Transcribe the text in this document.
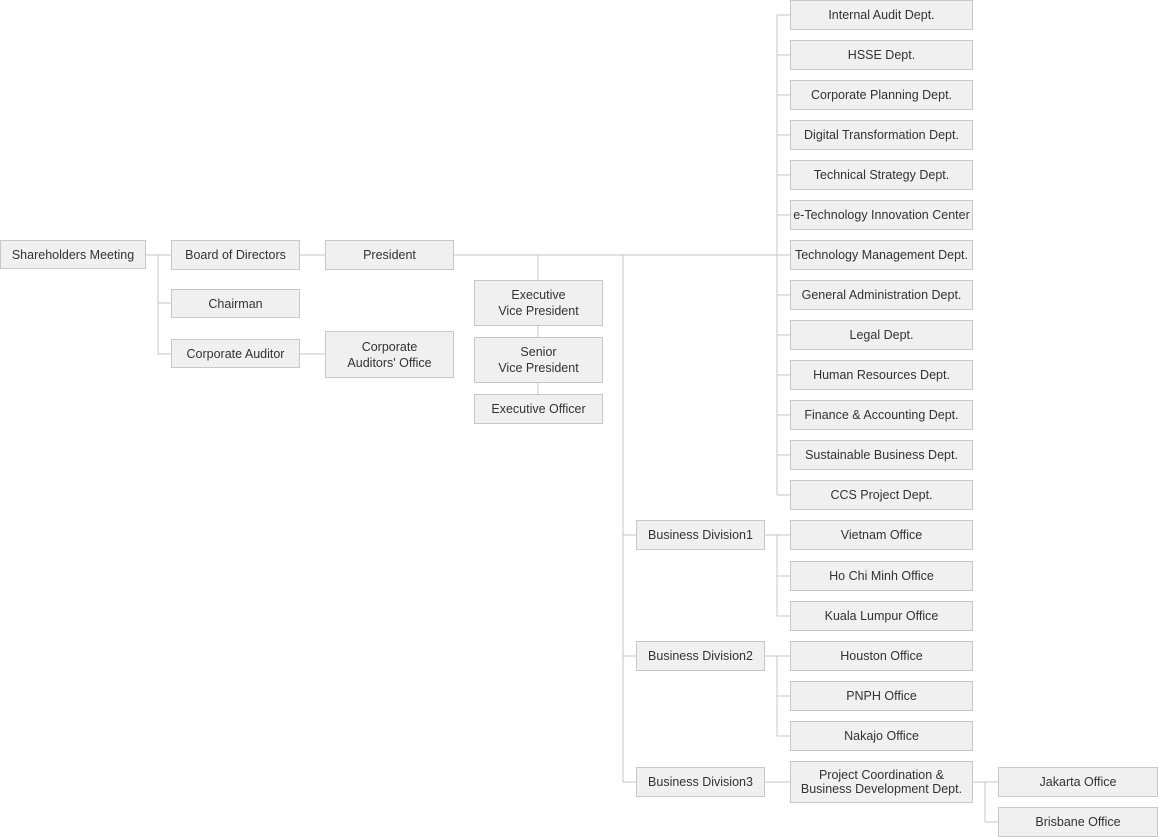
Shareholders Meeting	Board of Directors
Chairman
Corporate Auditor	Corporate
Auditors' Office
President
Executive
Vice President
Senior
Vice President
Executive Officer
Internal Audit Dept.
HSSE Dept.
Corporate Planning Dept.
Digital Transformation Dept.
Technical Strategy Dept.
e-Technology Innovation Center
Technology Management Dept.
General Administration Dept.
Legal Dept.
Human Resources Dept.
Finance & Accounting Dept.
Sustainable Business Dept.
CCS Project Dept.
Business Division1	Vietnam Office
Ho Chi Minh Office
Kuala Lumpur Office
Business Division2	Houston Office
PNPH Office
Nakajo Office
Business Division3	Project Coordination &
Business Development Dept.	Jakarta Office
Brisbane Office
